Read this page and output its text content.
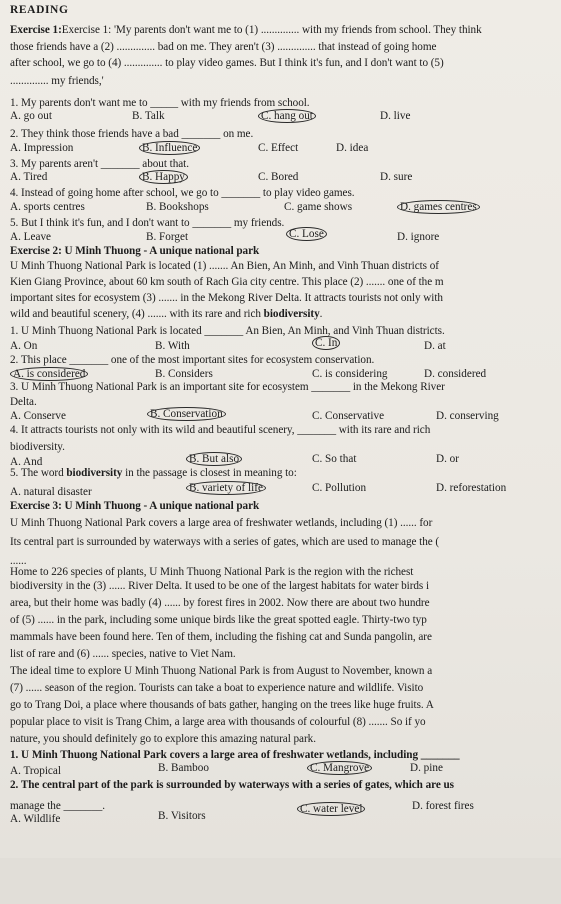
READING
Exercise 1:Exercise 1: 'My parents don't want me to (1) .............. with my friends from school. They think
those friends have a (2) .............. bad on me. They aren't (3) .............. that instead of going home
after school, we go to (4) .............. to play video games. But I think it's fun, and I don't want to (5)
.............. my friends,'
1. My parents don't want me to _____ with my friends from school.
A. go out	B. Talk	C. hang out	D. live
2. They think those friends have a bad _______ on me.
A. Impression	B. Influence	C. Effect	D. idea
3. My parents aren't _______ about that.
A. Tired	B. Happy	C. Bored	D. sure
4. Instead of going home after school, we go to _______ to play video games.
A. sports centres	B. Bookshops	C. game shows	D. games centres
5. But I think it's fun, and I don't want to _______ my friends.
A. Leave	B. Forget	C. Lose	D. ignore
Exercise 2: U Minh Thuong - A unique national park
U Minh Thuong National Park is located (1) ....... An Bien, An Minh, and Vinh Thuan districts of
Kien Giang Province, about 60 km south of Rach Gia city centre. This place (2) ....... one of the m
important sites for ecosystem (3) ....... in the Mekong River Delta. It attracts tourists not only with
wild and beautiful scenery, (4) ....... with its rare and rich biodiversity.
1. U Minh Thuong National Park is located _______ An Bien, An Minh, and Vinh Thuan districts.
A. On	B. With	C. In	D. at
2. This place _______ one of the most important sites for ecosystem conservation.
A. is considered	B. Considers	C. is considering	D. considered
3. U Minh Thuong National Park is an important site for ecosystem _______ in the Mekong River
Delta.
A. Conserve	B. Conservation	C. Conservative	D. conserving
4. It attracts tourists not only with its wild and beautiful scenery, _______ with its rare and rich
biodiversity.
A. And	B. But also	C. So that	D. or
5. The word biodiversity in the passage is closest in meaning to:
A. natural disaster	B. variety of life	C. Pollution	D. reforestation
Exercise 3: U Minh Thuong - A unique national park
U Minh Thuong National Park covers a large area of freshwater wetlands, including (1) ...... for
Its central part is surrounded by waterways with a series of gates, which are used to manage the (
......
Home to 226 species of plants, U Minh Thuong National Park is the region with the richest
biodiversity in the (3) ...... River Delta. It used to be one of the largest habitats for water birds i
area, but their home was badly (4) ...... by forest fires in 2002. Now there are about two hundre
of (5) ...... in the park, including some unique birds like the great spotted eagle. Thirty-two typ
mammals have been found here. Ten of them, including the fishing cat and Sunda pangolin, are
list of rare and (6) ...... species, native to Viet Nam.
The ideal time to explore U Minh Thuong National Park is from August to November, known a
(7) ...... season of the region. Tourists can take a boat to experience nature and wildlife. Visito
go to Trang Doi, a place where thousands of bats gather, hanging on the trees like huge fruits. A
popular place to visit is Trang Chim, a large area with thousands of colourful (8) ....... So if yo
nature, you should definitely go to explore this amazing natural park.
1. U Minh Thuong National Park covers a large area of freshwater wetlands, including _______
A. Tropical	B. Bamboo	C. Mangrove	D. pine
2. The central part of the park is surrounded by waterways with a series of gates, which are us
manage the _______.
A. Wildlife	B. Visitors
C. water level	D. forest fires
